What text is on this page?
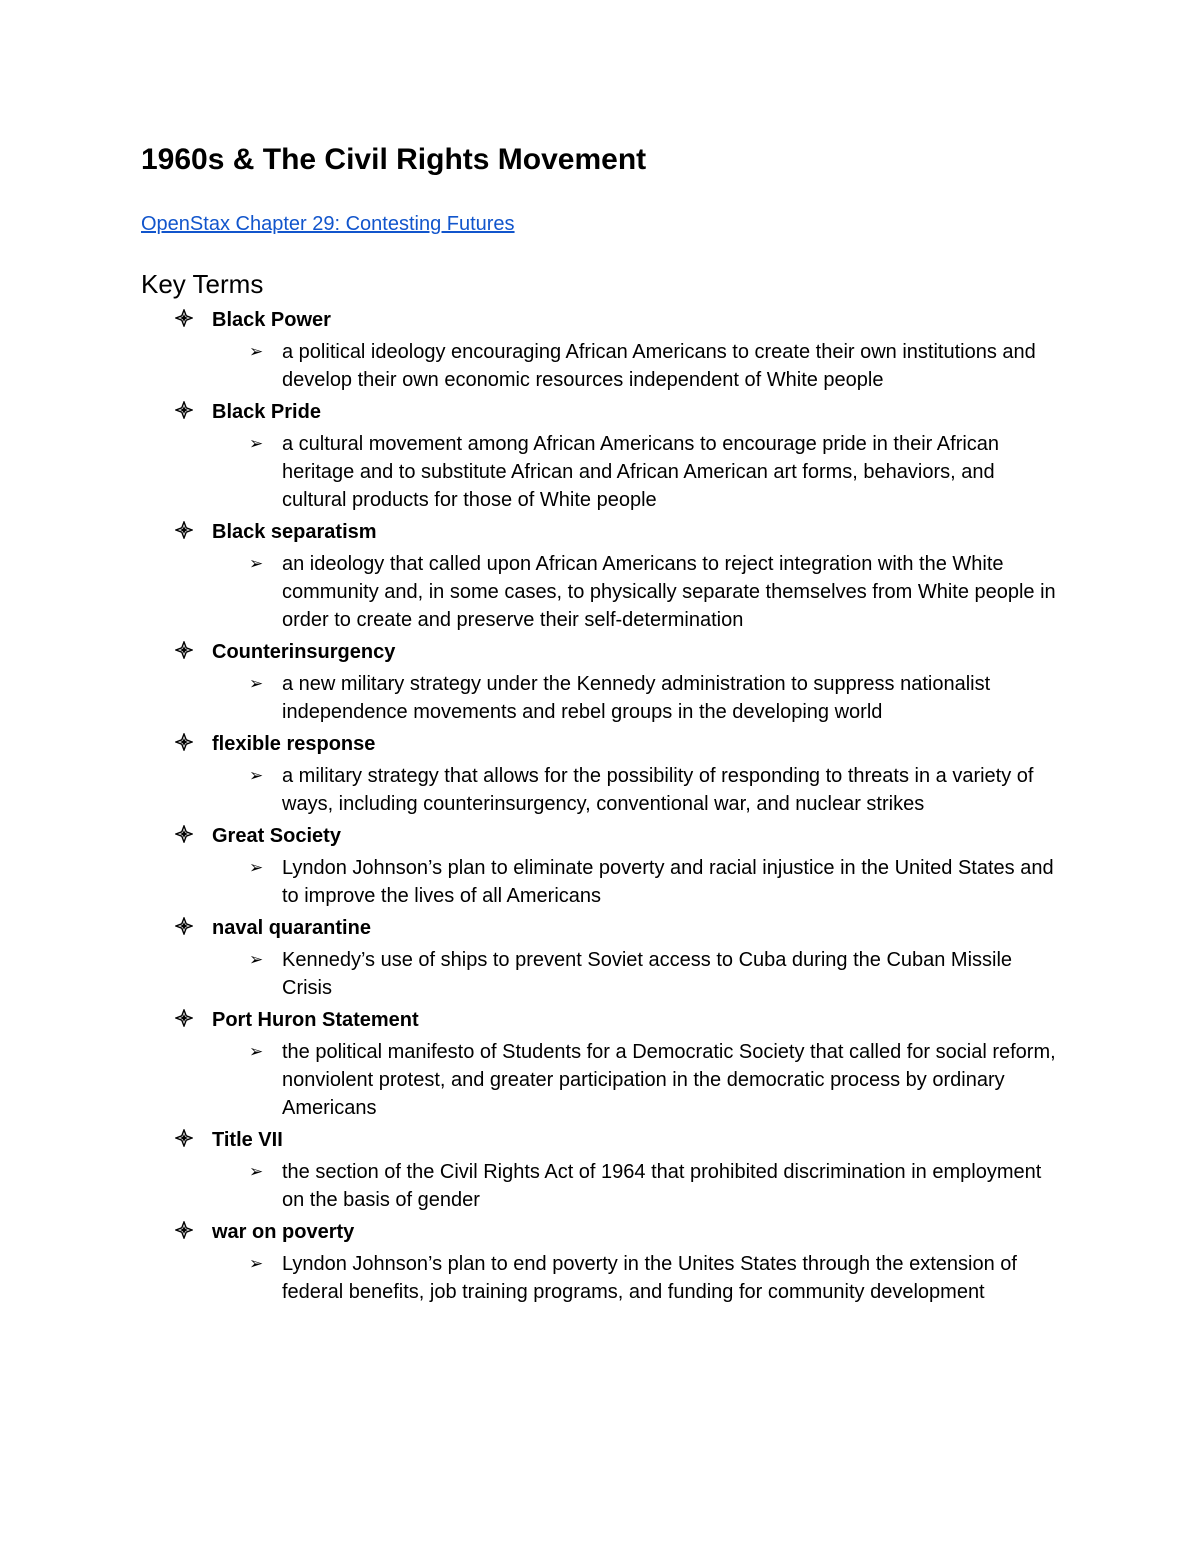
1960s & The Civil Rights Movement
OpenStax Chapter 29: Contesting Futures
Key Terms
Black Power
➢ a political ideology encouraging African Americans to create their own institutions and develop their own economic resources independent of White people
Black Pride
➢ a cultural movement among African Americans to encourage pride in their African heritage and to substitute African and African American art forms, behaviors, and cultural products for those of White people
Black separatism
➢ an ideology that called upon African Americans to reject integration with the White community and, in some cases, to physically separate themselves from White people in order to create and preserve their self-determination
Counterinsurgency
➢ a new military strategy under the Kennedy administration to suppress nationalist independence movements and rebel groups in the developing world
flexible response
➢ a military strategy that allows for the possibility of responding to threats in a variety of ways, including counterinsurgency, conventional war, and nuclear strikes
Great Society
➢ Lyndon Johnson’s plan to eliminate poverty and racial injustice in the United States and to improve the lives of all Americans
naval quarantine
➢ Kennedy’s use of ships to prevent Soviet access to Cuba during the Cuban Missile Crisis
Port Huron Statement
➢ the political manifesto of Students for a Democratic Society that called for social reform, nonviolent protest, and greater participation in the democratic process by ordinary Americans
Title VII
➢ the section of the Civil Rights Act of 1964 that prohibited discrimination in employment on the basis of gender
war on poverty
➢ Lyndon Johnson’s plan to end poverty in the Unites States through the extension of federal benefits, job training programs, and funding for community development
